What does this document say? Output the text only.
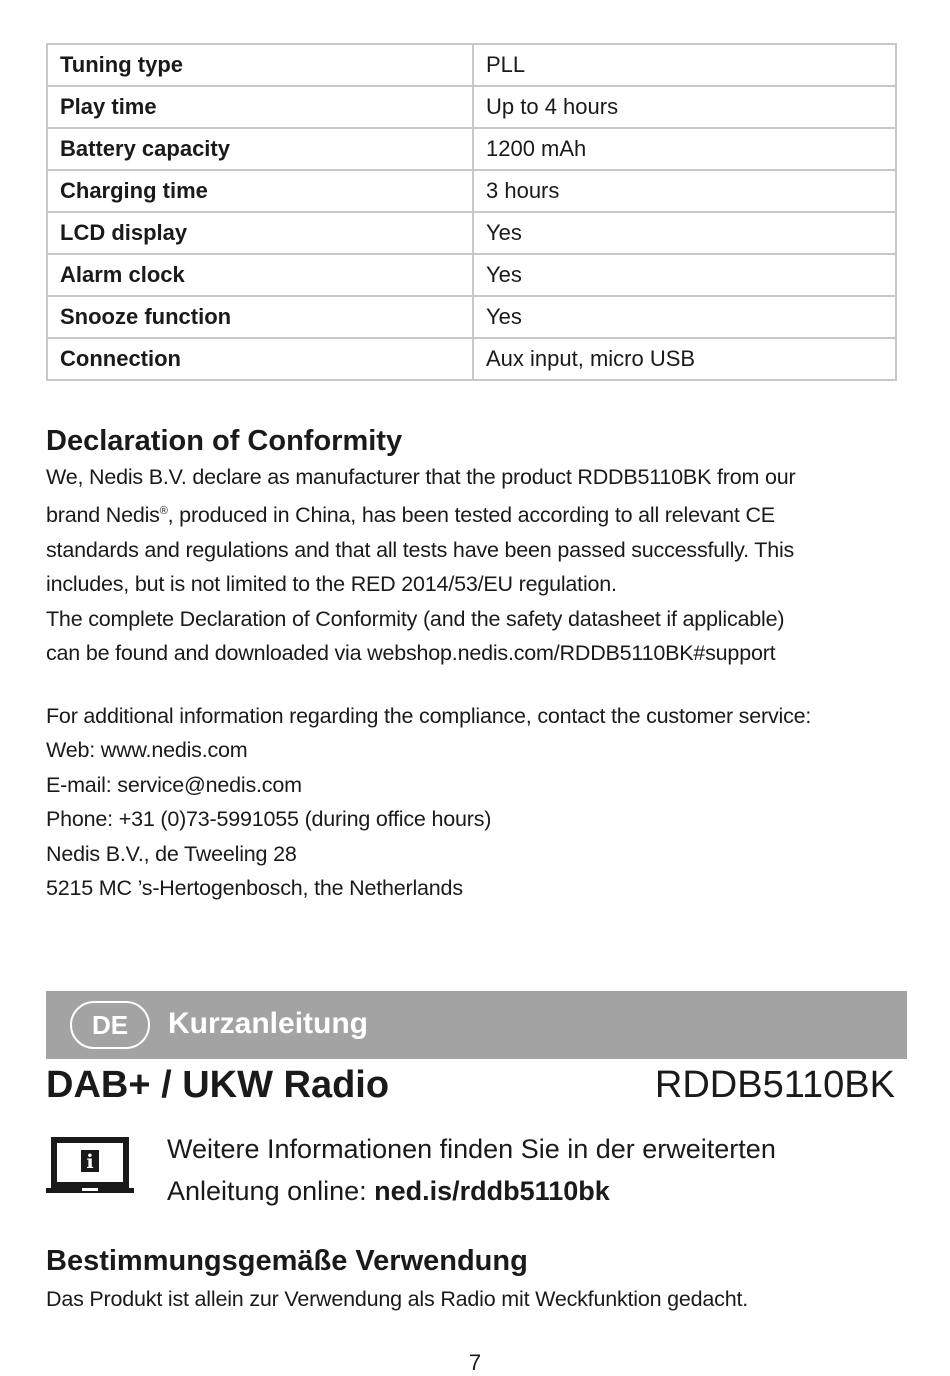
Tuning type	PLL
Play time	Up to 4 hours
Battery capacity	1200 mAh
Charging time	3 hours
LCD display	Yes
Alarm clock	Yes
Snooze function	Yes
Connection	Aux input, micro USB
Declaration of Conformity

We, Nedis B.V. declare as manufacturer that the product RDDB5110BK from our
brand Nedis®, produced in China, has been tested according to all relevant CE
standards and regulations and that all tests have been passed successfully. This
includes, but is not limited to the RED 2014/53/EU regulation.
The complete Declaration of Conformity (and the safety datasheet if applicable)
can be found and downloaded via webshop.nedis.com/RDDB5110BK#support

For additional information regarding the compliance, contact the customer service:
Web: www.nedis.com
E-mail: service@nedis.com
Phone: +31 (0)73-5991055 (during office hours)
Nedis B.V., de Tweeling 28
5215 MC ’s-Hertogenbosch, the Netherlands

DE	Kurzanleitung
DAB+ / UKW Radio	RDDB5110BK
i	Weitere Informationen finden Sie in der erweiterten
Anleitung online: ned.is/rddb5110bk
Bestimmungsgemäße Verwendung

Das Produkt ist allein zur Verwendung als Radio mit Weckfunktion gedacht.

7
